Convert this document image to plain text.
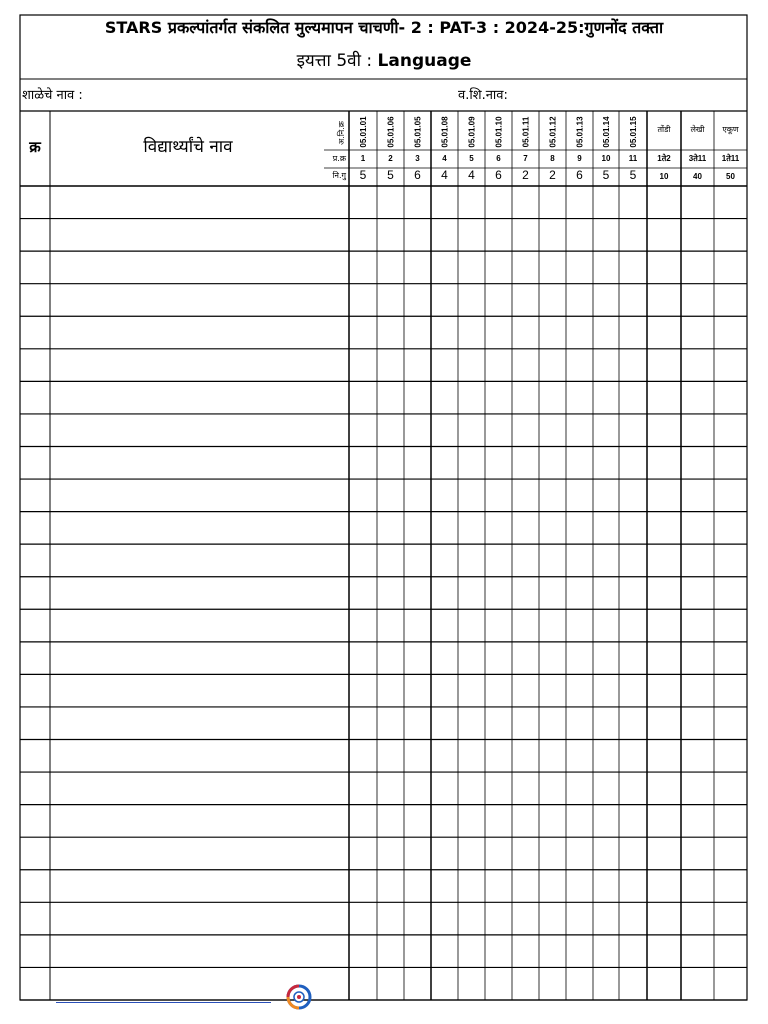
STARS प्रकल्पांतर्गत संकलित मुल्यमापन चाचणी- 2 : PAT-3 : 2024-25:गुणनोंद तक्ता
इयत्ता 5वी : Language
शाळेचे नाव :	व.शि.नाव:
क्र	विद्यार्थ्यांचे नाव
अ.नि.क्र
प्र.क्र
नि.गु
05.01.01
1
5
05.01.06
2
5
05.01.05
3
6
05.01.08
4
4
05.01.09
5
4
05.01.10
6
6
05.01.11
7
2
05.01.12
8
2
05.01.13
9
6
05.01.14
10
5
05.01.15
11
5
तोंडी
1ते2
10
लेखी
3ते11
40
एकूण
1ते11
50
